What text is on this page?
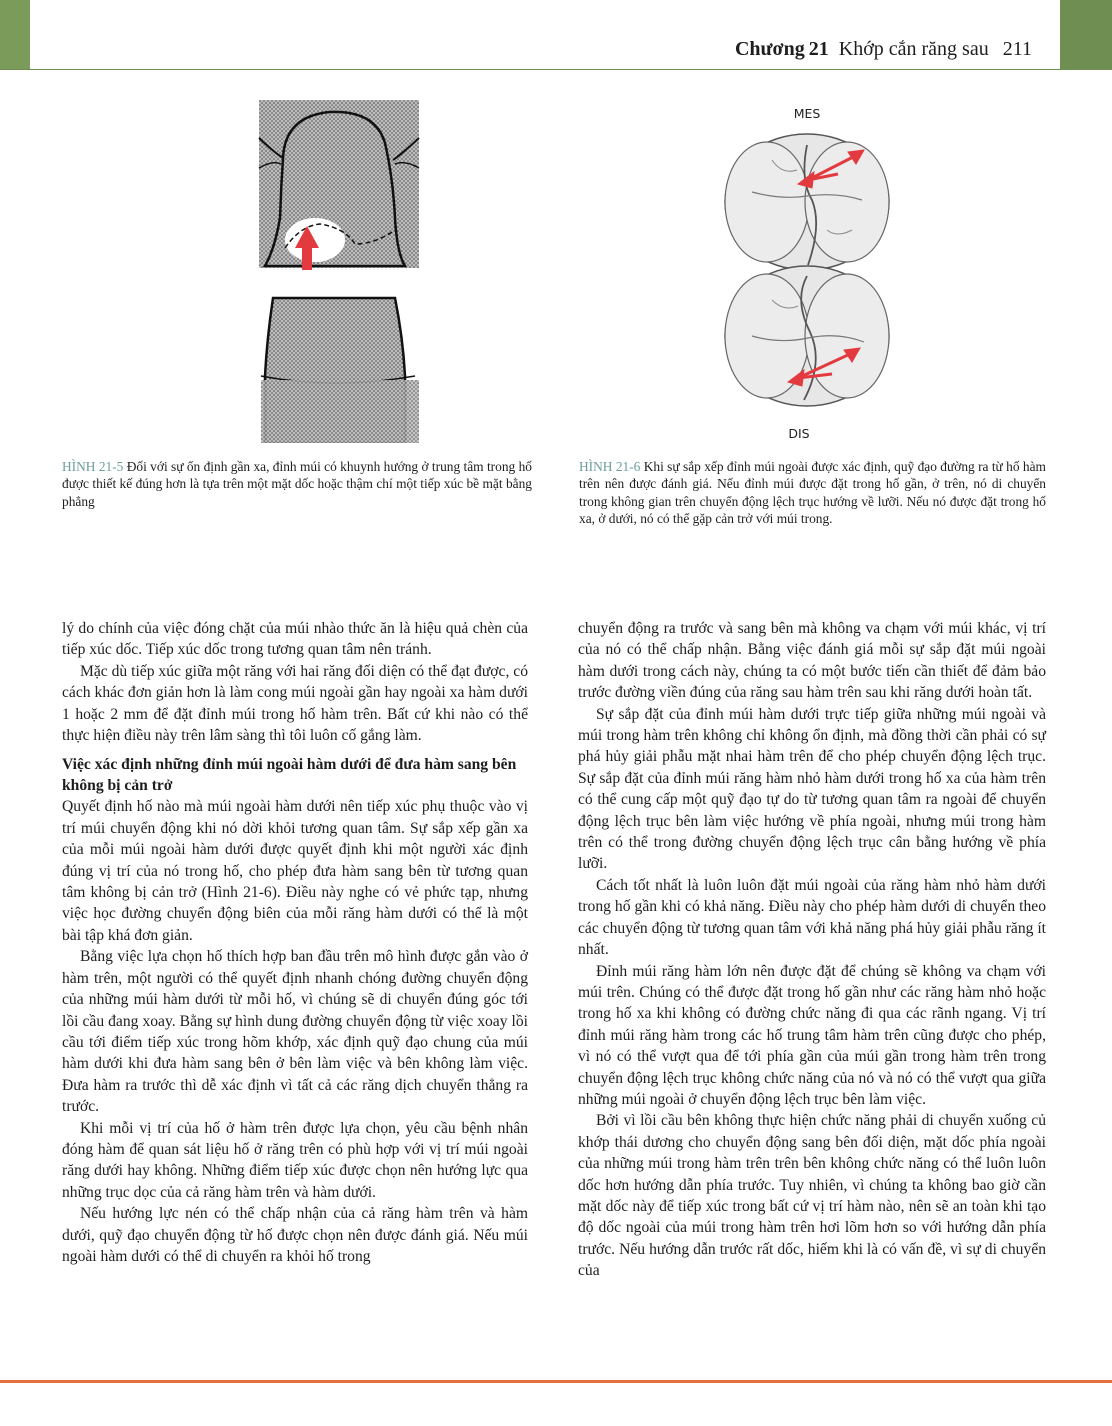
Chương 21 Khớp cắn răng sau 211
MES
DIS
HÌNH 21-5 Đối với sự ổn định gần xa, đỉnh múi có khuynh hướng ở trung tâm trong hố được thiết kế đúng hơn là tựa trên một mặt dốc hoặc thậm chí một tiếp xúc bề mặt bằng phẳng
HÌNH 21-6 Khi sự sắp xếp đỉnh múi ngoài được xác định, quỹ đạo đường ra từ hố hàm trên nên được đánh giá. Nếu đỉnh múi được đặt trong hố gần, ở trên, nó di chuyển trong không gian trên chuyển động lệch trục hướng về lưỡi. Nếu nó được đặt trong hố xa, ở dưới, nó có thể gặp cản trở với múi trong.

lý do chính của việc đóng chặt của múi nhào thức ăn là hiệu quả chèn của tiếp xúc dốc. Tiếp xúc dốc trong tương quan tâm nên tránh.

Mặc dù tiếp xúc giữa một răng với hai răng đối diện có thể đạt được, có cách khác đơn giản hơn là làm cong múi ngoài gần hay ngoài xa hàm dưới 1 hoặc 2 mm để đặt đỉnh múi trong hố hàm trên. Bất cứ khi nào có thể thực hiện điều này trên lâm sàng thì tôi luôn cố gắng làm.

Việc xác định những đỉnh múi ngoài hàm dưới để đưa hàm sang bên không bị cản trở

Quyết định hố nào mà múi ngoài hàm dưới nên tiếp xúc phụ thuộc vào vị trí múi chuyển động khi nó dời khỏi tương quan tâm. Sự sắp xếp gần xa của mỗi múi ngoài hàm dưới được quyết định khi một người xác định đúng vị trí của nó trong hố, cho phép đưa hàm sang bên từ tương quan tâm không bị cản trở (Hình 21-6). Điều này nghe có vẻ phức tạp, nhưng việc học đường chuyển động biên của mỗi răng hàm dưới có thể là một bài tập khá đơn giản.

Bằng việc lựa chọn hố thích hợp ban đầu trên mô hình được gắn vào ở hàm trên, một người có thể quyết định nhanh chóng đường chuyển động của những múi hàm dưới từ mỗi hố, vì chúng sẽ di chuyển đúng góc tới lồi cầu đang xoay. Bằng sự hình dung đường chuyển động từ việc xoay lồi cầu tới điểm tiếp xúc trong hõm khớp, xác định quỹ đạo chung của múi hàm dưới khi đưa hàm sang bên ở bên làm việc và bên không làm việc. Đưa hàm ra trước thì dễ xác định vì tất cả các răng dịch chuyển thẳng ra trước.

Khi mỗi vị trí của hố ở hàm trên được lựa chọn, yêu cầu bệnh nhân đóng hàm để quan sát liệu hố ở răng trên có phù hợp với vị trí múi ngoài răng dưới hay không. Những điểm tiếp xúc được chọn nên hướng lực qua những trục dọc của cả răng hàm trên và hàm dưới.

Nếu hướng lực nén có thể chấp nhận của cả răng hàm trên và hàm dưới, quỹ đạo chuyển động từ hố được chọn nên được đánh giá. Nếu múi ngoài hàm dưới có thể di chuyển ra khỏi hố trong

chuyển động ra trước và sang bên mà không va chạm với múi khác, vị trí của nó có thể chấp nhận. Bằng việc đánh giá mỗi sự sắp đặt múi ngoài hàm dưới trong cách này, chúng ta có một bước tiến cần thiết để đảm bảo trước đường viền đúng của răng sau hàm trên sau khi răng dưới hoàn tất.

Sự sắp đặt của đỉnh múi hàm dưới trực tiếp giữa những múi ngoài và múi trong hàm trên không chỉ không ổn định, mà đồng thời cần phải có sự phá hủy giải phẫu mặt nhai hàm trên để cho phép chuyển động lệch trục. Sự sắp đặt của đỉnh múi răng hàm nhỏ hàm dưới trong hố xa của hàm trên có thể cung cấp một quỹ đạo tự do từ tương quan tâm ra ngoài để chuyển động lệch trục bên làm việc hướng về phía ngoài, nhưng múi trong hàm trên có thể trong đường chuyển động lệch trục cân bằng hướng về phía lưỡi.

Cách tốt nhất là luôn luôn đặt múi ngoài của răng hàm nhỏ hàm dưới trong hố gần khi có khả năng. Điều này cho phép hàm dưới di chuyển theo các chuyển động từ tương quan tâm với khả năng phá hủy giải phẫu răng ít nhất.

Đỉnh múi răng hàm lớn nên được đặt để chúng sẽ không va chạm với múi trên. Chúng có thể được đặt trong hố gần như các răng hàm nhỏ hoặc trong hố xa khi không có đường chức năng đi qua các rãnh ngang. Vị trí đỉnh múi răng hàm trong các hố trung tâm hàm trên cũng được cho phép, vì nó có thể vượt qua để tới phía gần của múi gần trong hàm trên trong chuyển động lệch trục không chức năng của nó và nó có thể vượt qua giữa những múi ngoài ở chuyển động lệch trục bên làm việc.

Bởi vì lồi cầu bên không thực hiện chức năng phải di chuyển xuống củ khớp thái dương cho chuyển động sang bên đối diện, mặt dốc phía ngoài của những múi trong hàm trên trên bên không chức năng có thể luôn luôn dốc hơn hướng dẫn phía trước. Tuy nhiên, vì chúng ta không bao giờ cần mặt dốc này để tiếp xúc trong bất cứ vị trí hàm nào, nên sẽ an toàn khi tạo độ dốc ngoài của múi trong hàm trên hơi lõm hơn so với hướng dẫn phía trước. Nếu hướng dẫn trước rất dốc, hiếm khi là có vấn đề, vì sự di chuyển của
